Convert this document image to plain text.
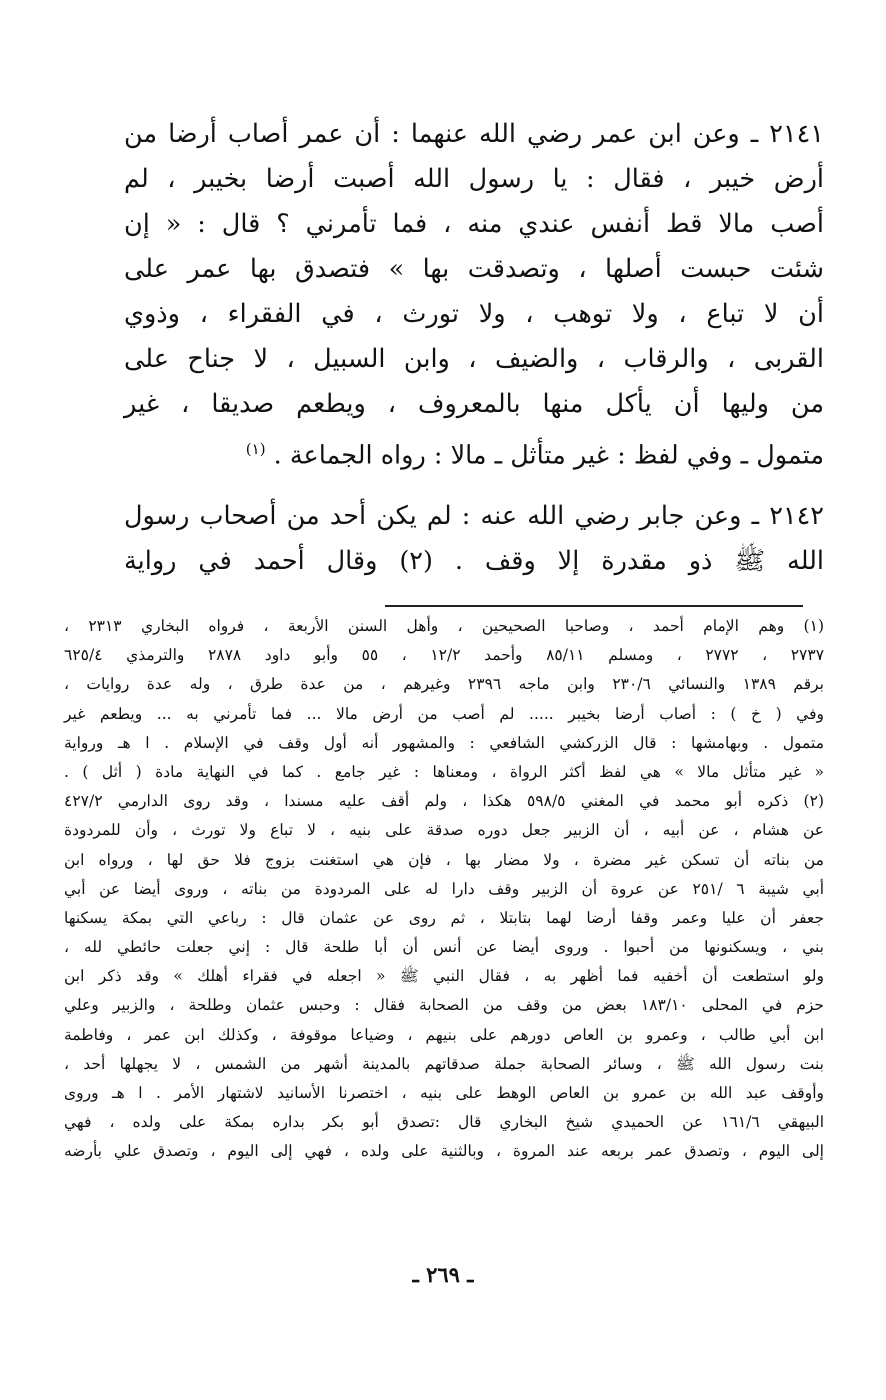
٢١٤١ ـ وعن ابن عمر رضي الله عنهما : أن عمر أصاب أرضا من

أرض خيبر ، فقال : يا رسول الله أصبت أرضا بخيبر ، لم

أصب مالا قط أنفس عندي منه ، فما تأمرني ؟ قال : « إن

شئت حبست أصلها ، وتصدقت بها » فتصدق بها عمر على

أن لا تباع ، ولا توهب ، ولا تورث ، في الفقراء ، وذوي

القربى ، والرقاب ، والضيف ، وابن السبيل ، لا جناح على

من وليها أن يأكل منها بالمعروف ، ويطعم صديقا ، غير

متمول ـ وفي لفظ : غير متأثل ـ مالا : رواه الجماعة . $^{(١)}$

٢١٤٢ ـ وعن جابر رضي الله عنه : لم يكن أحد من أصحاب رسول

الله ﷺ ذو مقدرة إلا وقف . (٢) وقال أحمد في رواية

(١) وهم الإمام أحمد ، وصاحبا الصحيحين ، وأهل السنن الأربعة ، فرواه البخاري ٢٣١٣ ،

٢٧٣٧ ، ٢٧٧٢ ، ومسلم ٨٥/١١ وأحمد ١٢/٢ ، ٥٥ وأبو داود ٢٨٧٨ والترمذي ٦٢٥/٤

برقم ١٣٨٩ والنسائي ٢٣٠/٦ وابن ماجه ٢٣٩٦ وغيرهم ، من عدة طرق ، وله عدة روايات ،

وفي ( خ ) : أصاب أرضا بخيبر ..... لم أصب من أرض مالا ... فما تأمرني به ... ويطعم غير

متمول . وبهامشها : قال الزركشي الشافعي : والمشهور أنه أول وقف في الإسلام . ا هـ ورواية

« غير متأثل مالا » هي لفظ أكثر الرواة ، ومعناها : غير جامع . كما في النهاية مادة ( أثل ) .

(٢) ذكره أبو محمد في المغني ٥٩٨/٥ هكذا ، ولم أقف عليه مسندا ، وقد روى الدارمي ٤٢٧/٢

عن هشام ، عن أبيه ، أن الزبير جعل دوره صدقة على بنيه ، لا تباع ولا تورث ، وأن للمردودة

من بناته أن تسكن غير مضرة ، ولا مضار بها ، فإن هي استغنت بزوج فلا حق لها ، ورواه ابن

أبي شيبة ٦ /٢٥١ عن عروة أن الزبير وقف دارا له على المردودة من بناته ، وروى أيضا عن أبي

جعفر أن عليا وعمر وقفا أرضا لهما بتابتلا ، ثم روى عن عثمان قال : رباعي التي بمكة يسكنها

بني ، ويسكنونها من أحبوا . وروى أيضا عن أنس أن أبا طلحة قال : إني جعلت حائطي لله ،

ولو استطعت أن أخفيه فما أظهر به ، فقال النبي ﷺ « اجعله في فقراء أهلك » وقد ذكر ابن

حزم في المحلى ١٨٣/١٠ بعض من وقف من الصحابة فقال : وحبس عثمان وطلحة ، والزبير وعلي

ابن أبي طالب ، وعمرو بن العاص دورهم على بنيهم ، وضياعا موقوفة ، وكذلك ابن عمر ، وفاطمة

بنت رسول الله ﷺ ، وسائر الصحابة جملة صدقاتهم بالمدينة أشهر من الشمس ، لا يجهلها أحد ،

وأوقف عبد الله بن عمرو بن العاص الوهط على بنيه ، اختصرنا الأسانيد لاشتهار الأمر . ا هـ وروى

البيهقي ١٦١/٦ عن الحميدي شيخ البخاري قال :تصدق أبو بكر بداره بمكة على ولده ، فهي

إلى اليوم ، وتصدق عمر بربعه عند المروة ، وبالثنية على ولده ، فهي إلى اليوم ، وتصدق علي بأرضه

ـ ٢٦٩ ـ
